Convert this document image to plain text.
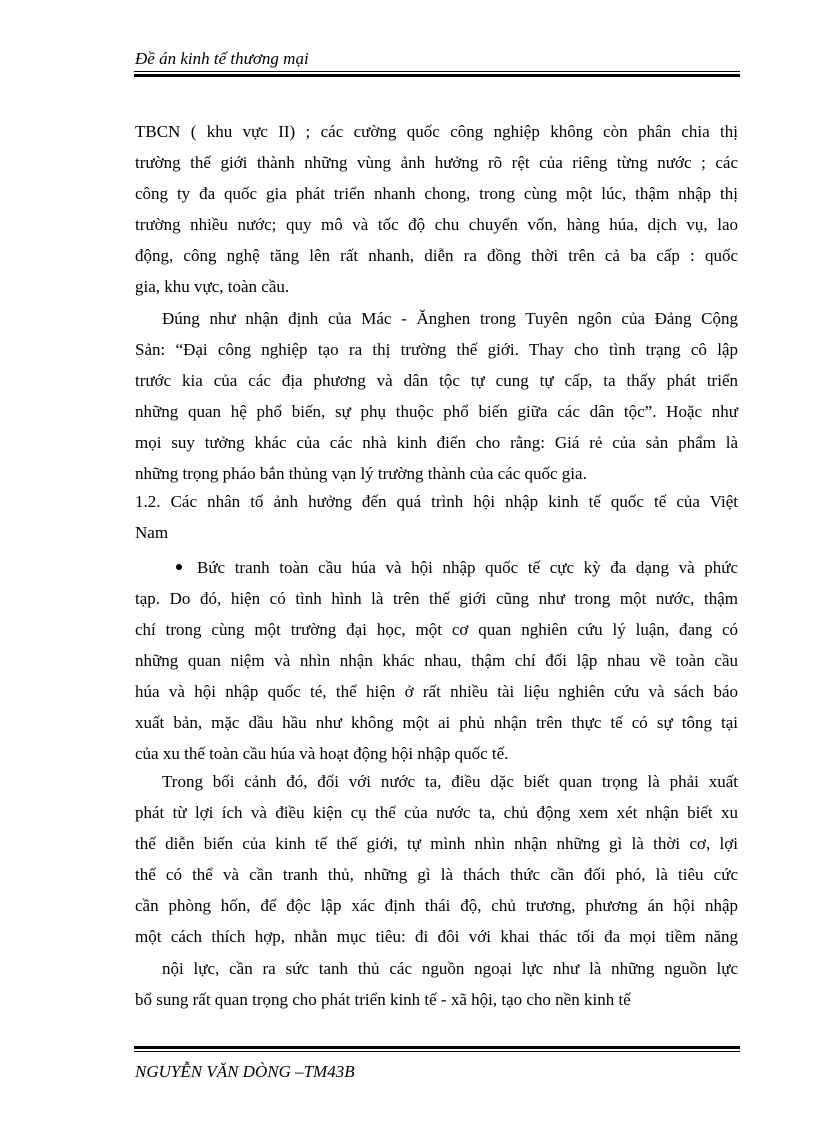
Đề án kinh tế thương mại

TBCN ( khu vực II) ; các cường quốc công nghiệp không còn phân chia thị

trường thế giới thành những vùng ảnh hưởng rõ rệt của riêng từng nước ; các

công ty đa quốc gia phát triển nhanh chong, trong cùng một lúc, thậm nhập thị

trường nhiều nước; quy mô và tốc độ chu chuyển vốn, hàng húa, dịch vụ, lao

động, công nghệ tăng lên rất nhanh, diễn ra đồng thời trên cả ba cấp : quốc

gia, khu vực, toàn cầu.

Đúng như nhận định của Mác - Ănghen trong Tuyên ngôn của Đảng Cộng

Sản: “Đại công nghiệp tạo ra thị trường thế giới. Thay cho tình trạng cô lập

trước kia của các địa phương và dân tộc tự cung tự cấp, ta thấy phát triển

những quan hệ phổ biến, sự phụ thuộc phổ biến giữa các dân tộc”. Hoặc như

mọi suy tưởng khác của các nhà kinh điển cho rằng: Giá rẻ của sản phẩm là

những trọng pháo bắn thủng vạn lý trường thành của các quốc gia.

1.2. Các nhân tố ảnh hưởng đến quá trình hội nhập kinh tế quốc tế của Việt

Nam

Bức tranh toàn cầu húa và hội nhập quốc tế cực kỳ đa dạng và phức

tạp. Do đó, hiện có tình hình là trên thế giới cũng như trong một nước, thậm

chí trong cùng một trường đại học, một cơ quan nghiên cứu lý luận, đang có

những quan niệm và nhìn nhận khác nhau, thậm chí đối lập nhau về toàn cầu

húa và hội nhập quốc té, thể hiện ở rất nhiều tài liệu nghiên cứu và sách báo

xuất bản, mặc dầu hầu như không một ai phủ nhận trên thực tế có sự tông tại

của xu thế toàn cầu húa và hoạt động hội nhập quốc tế.

Trong bối cảnh đó, đối với nước ta, điều dặc biết quan trọng là phải xuất

phát từ lợi ích và điều kiện cụ thể của nước ta, chủ động xem xét nhận biết xu

thế diễn biến của kinh tế thế giới, tự mình nhìn nhận những gì là thời cơ, lợi

thế có thể và cần tranh thủ, những gì là thách thức cần đối phó, là tiêu cức

cần phòng hốn, để độc lập xác định thái độ, chủ trương, phương án hội nhập

một cách thích hợp, nhằn mục tiêu: đi đôi với khai thác tối đa mọi tiềm năng

nội lực, cần ra sức tanh thủ các nguồn ngoại lực như là những nguồn lực

bổ sung rất quan trọng cho phát triển kinh tế - xã hội, tạo cho nền kinh tế

NGUYỄN VĂN DÒNG –TM43B
